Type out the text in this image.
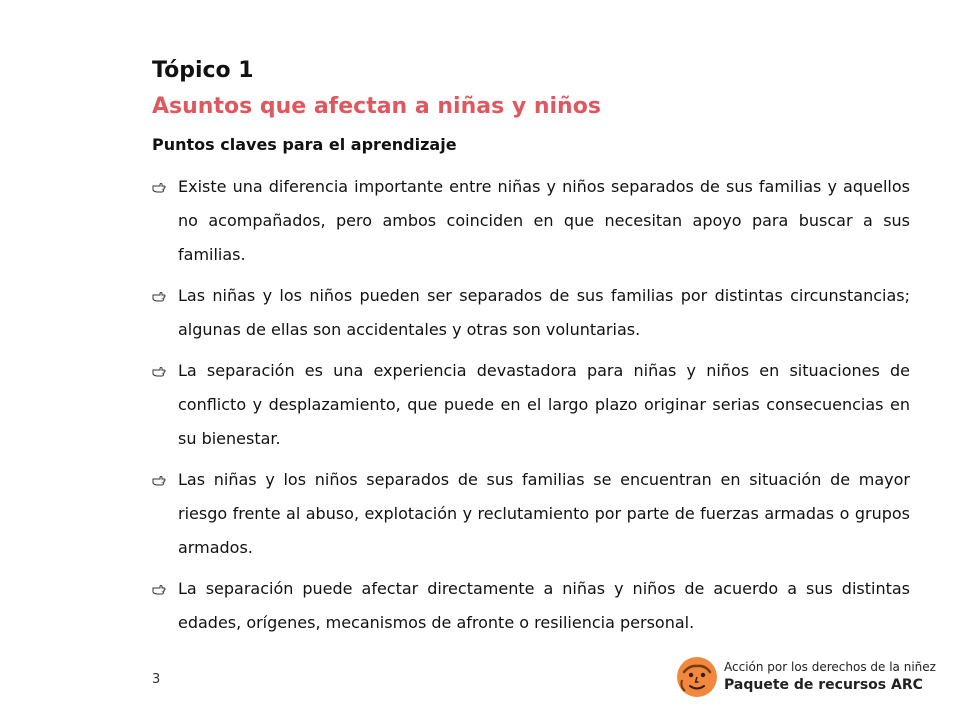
Tópico 1
Asuntos que afectan a niñas y niños
Puntos claves para el aprendizaje
Existe una diferencia importante entre niñas y niños separados de sus familias y aquellos no acompañados, pero ambos coinciden en que necesitan apoyo para buscar a sus familias.
Las niñas y los niños pueden ser separados de sus familias por distintas circunstancias; algunas de ellas son accidentales y otras son voluntarias.
La separación es una experiencia devastadora para niñas y niños en situaciones de conflicto y desplazamiento, que puede en el largo plazo originar serias consecuencias en su bienestar.
Las niñas y los niños separados de sus familias se encuentran en situación de mayor riesgo frente al abuso, explotación y reclutamiento por parte de fuerzas armadas o grupos armados.
La separación puede afectar directamente a niñas y niños de acuerdo a sus distintas edades, orígenes, mecanismos de afronte o resiliencia personal.
3
Acción por los derechos de la niñez
Paquete de recursos ARC
